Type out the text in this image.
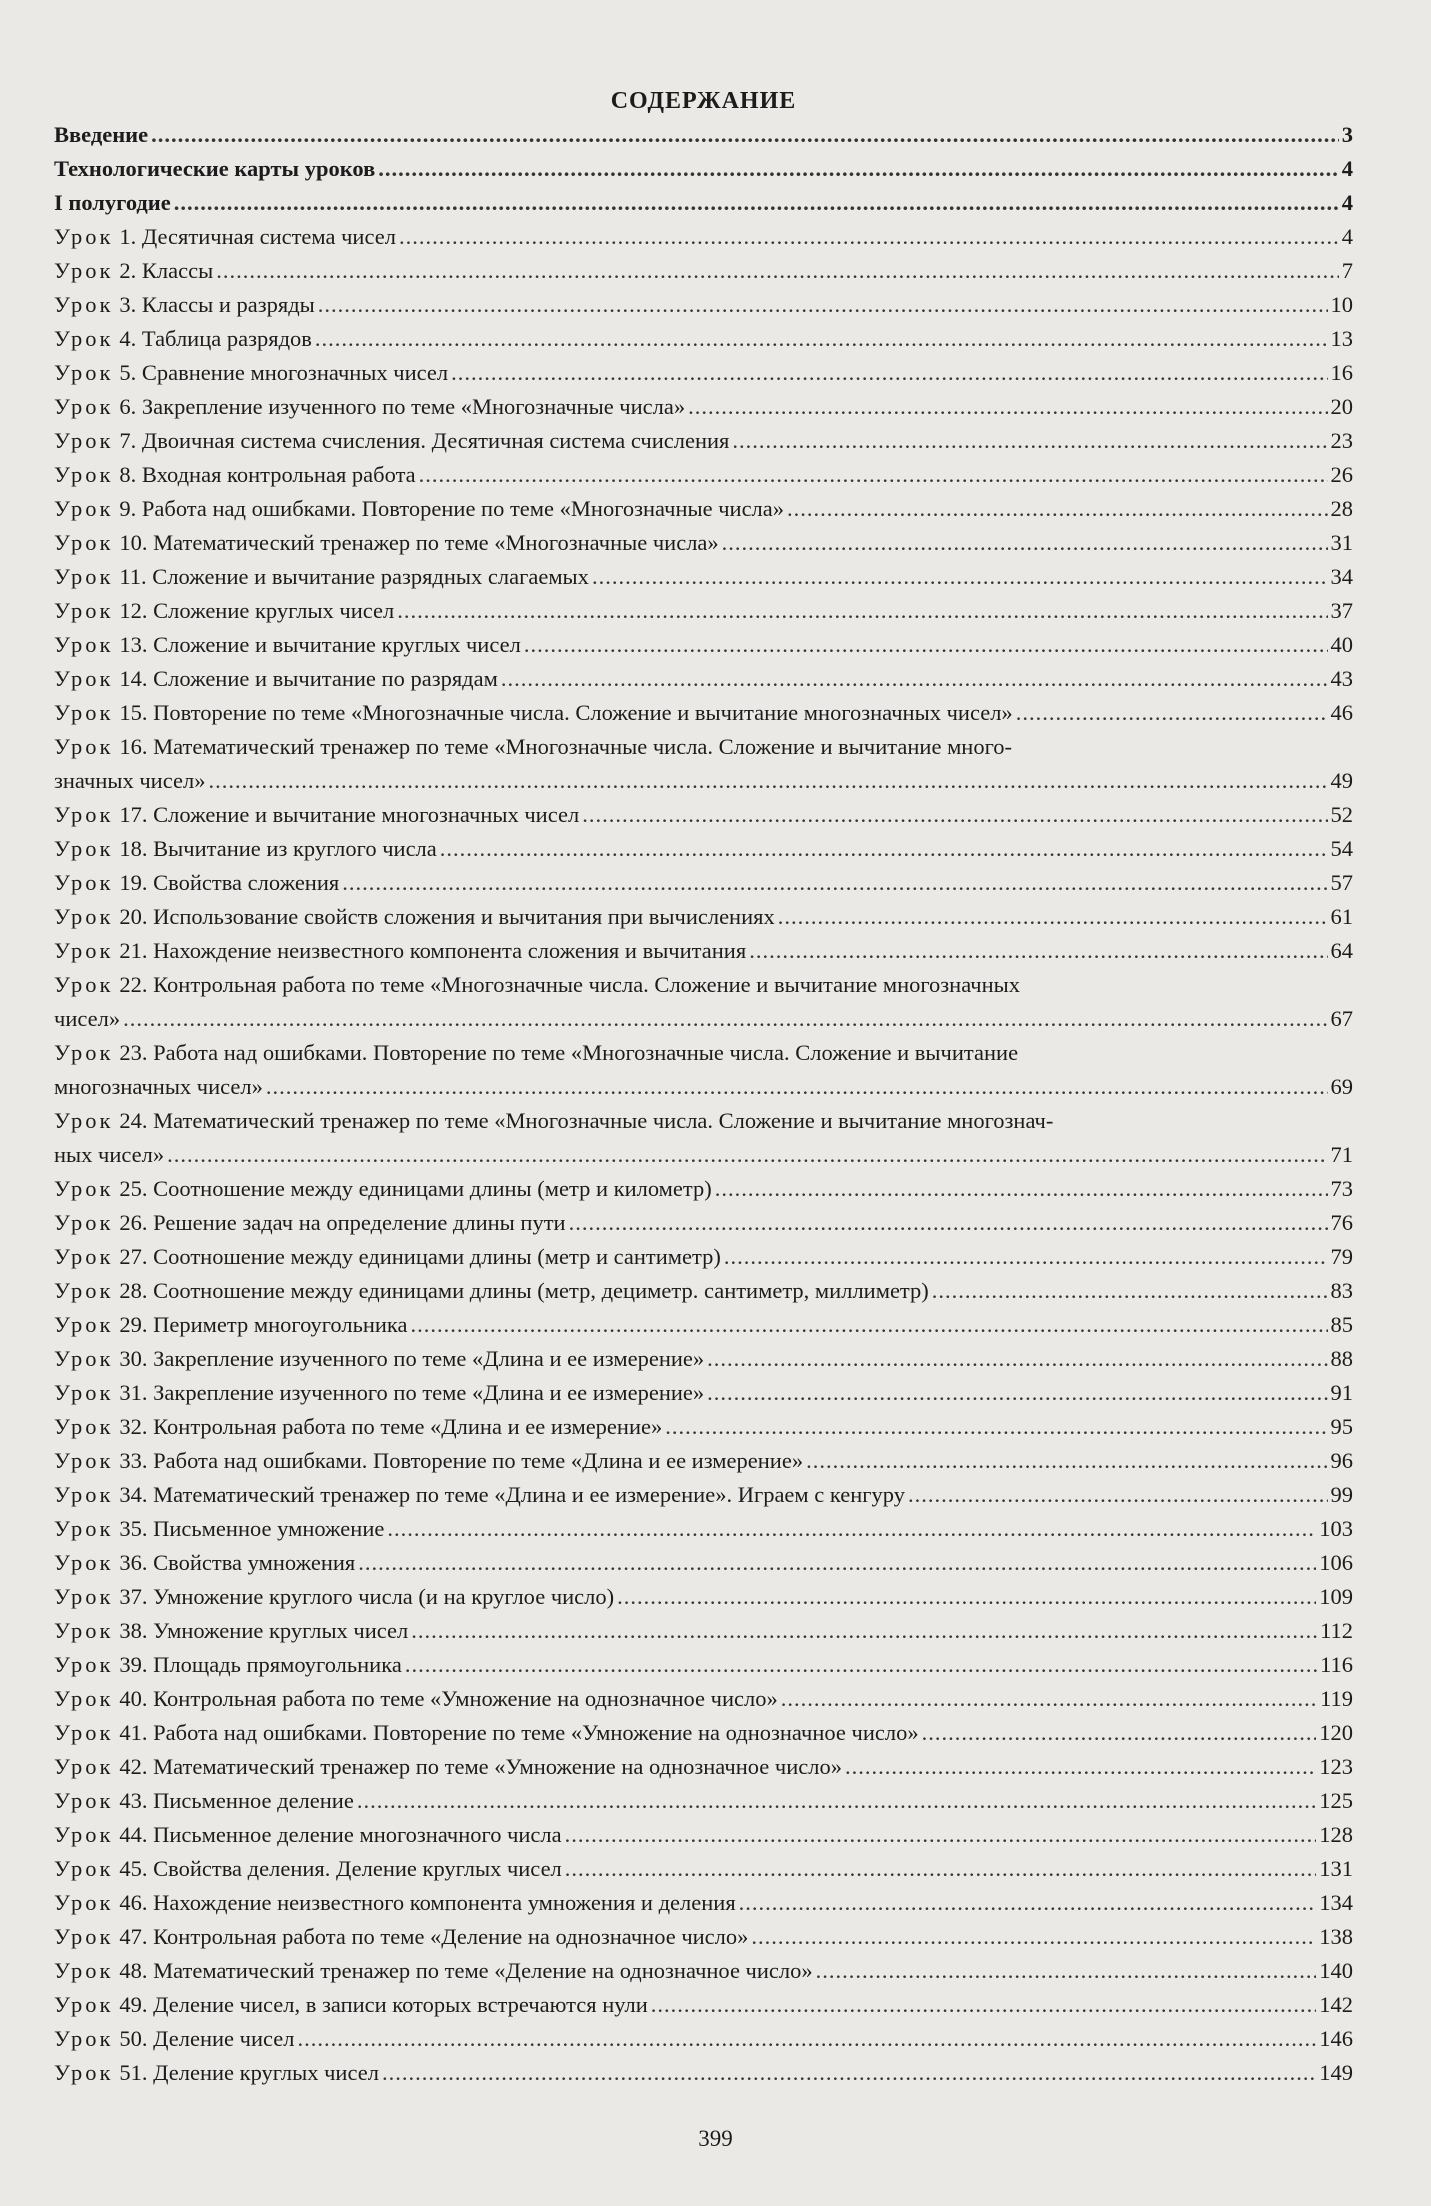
СОДЕРЖАНИЕ
Введение .....	3
Технологические карты уроков .....	4
I полугодие .....	4
Урок 1. Десятичная система чисел .....	4
Урок 2. Классы .....	7
Урок 3. Классы и разряды .....	10
Урок 4. Таблица разрядов .....	13
Урок 5. Сравнение многозначных чисел .....	16
Урок 6. Закрепление изученного по теме «Многозначные числа» .....	20
Урок 7. Двоичная система счисления. Десятичная система счисления .....	23
Урок 8. Входная контрольная работа .....	26
Урок 9. Работа над ошибками. Повторение по теме «Многозначные числа» .....	28
Урок 10. Математический тренажер по теме «Многозначные числа» .....	31
Урок 11. Сложение и вычитание разрядных слагаемых .....	34
Урок 12. Сложение круглых чисел .....	37
Урок 13. Сложение и вычитание круглых чисел .....	40
Урок 14. Сложение и вычитание по разрядам .....	43
Урок 15. Повторение по теме «Многозначные числа. Сложение и вычитание многозначных чисел» .....	46
Урок 16. Математический тренажер по теме «Многозначные числа. Сложение и вычитание много-
значных чисел» .....	49
Урок 17. Сложение и вычитание многозначных чисел .....	52
Урок 18. Вычитание из круглого числа .....	54
Урок 19. Свойства сложения .....	57
Урок 20. Использование свойств сложения и вычитания при вычислениях .....	61
Урок 21. Нахождение неизвестного компонента сложения и вычитания .....	64
Урок 22. Контрольная работа по теме «Многозначные числа. Сложение и вычитание многозначных
чисел» .....	67
Урок 23. Работа над ошибками. Повторение по теме «Многозначные числа. Сложение и вычитание
многозначных чисел» .....	69
Урок 24. Математический тренажер по теме «Многозначные числа. Сложение и вычитание многознач-
ных чисел» .....	71
Урок 25. Соотношение между единицами длины (метр и километр) .....	73
Урок 26. Решение задач на определение длины пути .....	76
Урок 27. Соотношение между единицами длины (метр и сантиметр) .....	79
Урок 28. Соотношение между единицами длины (метр, дециметр. сантиметр, миллиметр) .....	83
Урок 29. Периметр многоугольника .....	85
Урок 30. Закрепление изученного по теме «Длина и ее измерение» .....	88
Урок 31. Закрепление изученного по теме «Длина и ее измерение» .....	91
Урок 32. Контрольная работа по теме «Длина и ее измерение» .....	95
Урок 33. Работа над ошибками. Повторение по теме «Длина и ее измерение» .....	96
Урок 34. Математический тренажер по теме «Длина и ее измерение». Играем с кенгуру .....	99
Урок 35. Письменное умножение .....	103
Урок 36. Свойства умножения .....	106
Урок 37. Умножение круглого числа (и на круглое число) .....	109
Урок 38. Умножение круглых чисел .....	112
Урок 39. Площадь прямоугольника .....	116
Урок 40. Контрольная работа по теме «Умножение на однозначное число» .....	119
Урок 41. Работа над ошибками. Повторение по теме «Умножение на однозначное число» .....	120
Урок 42. Математический тренажер по теме «Умножение на однозначное число» .....	123
Урок 43. Письменное деление .....	125
Урок 44. Письменное деление многозначного числа .....	128
Урок 45. Свойства деления. Деление круглых чисел .....	131
Урок 46. Нахождение неизвестного компонента умножения и деления .....	134
Урок 47. Контрольная работа по теме «Деление на однозначное число» .....	138
Урок 48. Математический тренажер по теме «Деление на однозначное число» .....	140
Урок 49. Деление чисел, в записи которых встречаются нули .....	142
Урок 50. Деление чисел .....	146
Урок 51. Деление круглых чисел .....	149
399
